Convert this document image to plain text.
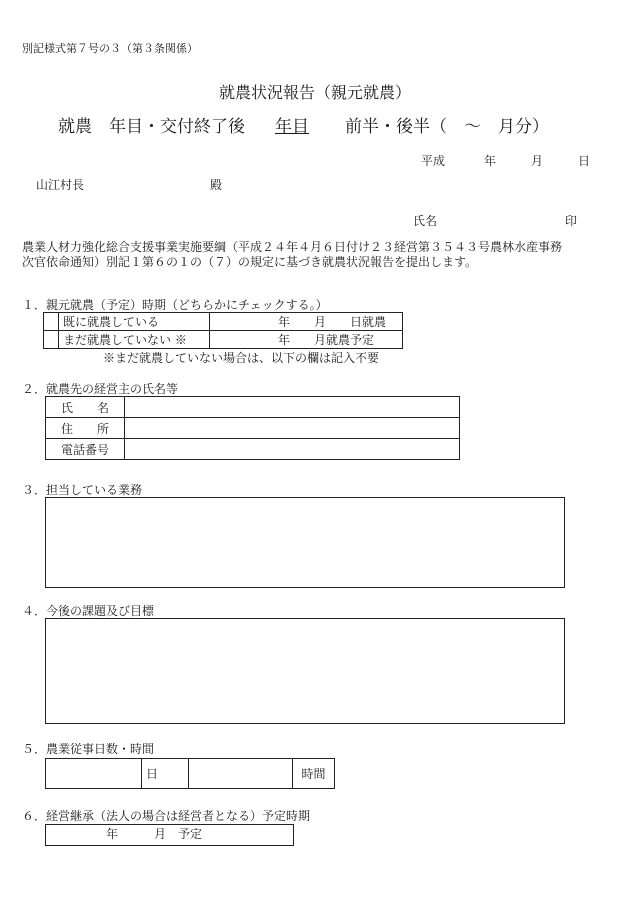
別記様式第７号の３（第３条関係）
就農状況報告（親元就農）
就農　年目・交付終了後 年目 前半・後半（　～　月分）
平成	年	月	日
山江村長	殿
氏名	印
農業人材力強化総合支援事業実施要綱（平成２４年４月６日付け２３経営第３５４３号農林水産事務
次官依命通知）別記１第６の１の（７）の規定に基づき就農状況報告を提出します。
１．親元就農（予定）時期（どちらかにチェックする。）
	既に就農している	年　　月　　日就農
	まだ就農していない ※	年　　月就農予定
※まだ就農していない場合は、以下の欄は記入不要
２．就農先の経営主の氏名等
氏　　名	
住　　所	
電話番号	
３．担当している業務
４．今後の課題及び目標
５．農業従事日数・時間
	日		時間
６．経営継承（法人の場合は経営者となる）予定時期
年　　　月　予定
